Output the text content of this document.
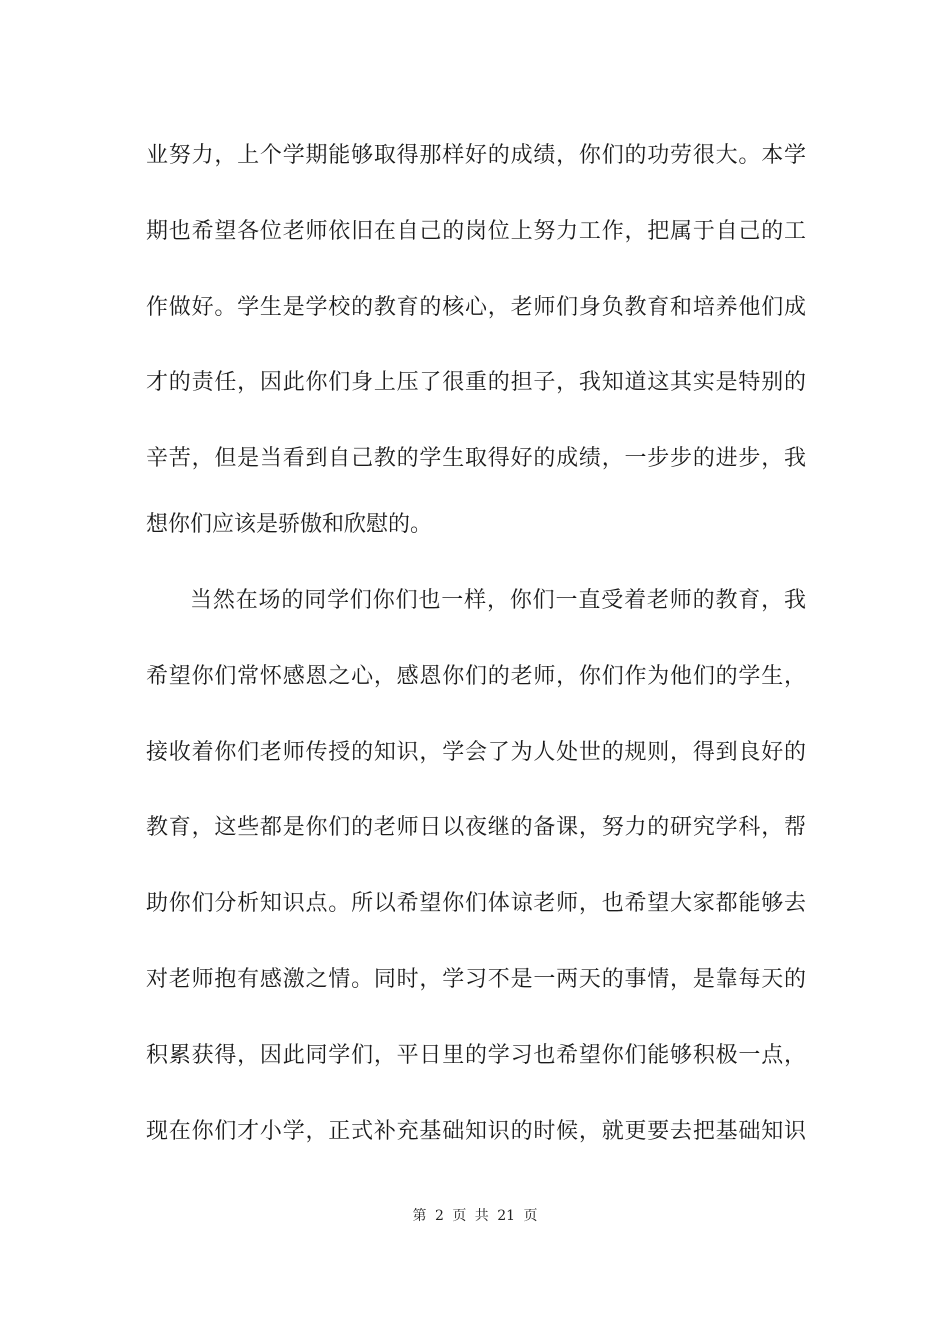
业努力，上个学期能够取得那样好的成绩，你们的功劳很大。本学
期也希望各位老师依旧在自己的岗位上努力工作，把属于自己的工
作做好。学生是学校的教育的核心，老师们身负教育和培养他们成
才的责任，因此你们身上压了很重的担子，我知道这其实是特别的
辛苦，但是当看到自己教的学生取得好的成绩，一步步的进步，我
想你们应该是骄傲和欣慰的。
当然在场的同学们你们也一样，你们一直受着老师的教育，我
希望你们常怀感恩之心，感恩你们的老师，你们作为他们的学生，
接收着你们老师传授的知识，学会了为人处世的规则，得到良好的
教育，这些都是你们的老师日以夜继的备课，努力的研究学科，帮
助你们分析知识点。所以希望你们体谅老师，也希望大家都能够去
对老师抱有感激之情。同时，学习不是一两天的事情，是靠每天的
积累获得，因此同学们，平日里的学习也希望你们能够积极一点，
现在你们才小学，正式补充基础知识的时候，就更要去把基础知识
第 2 页 共 21 页
